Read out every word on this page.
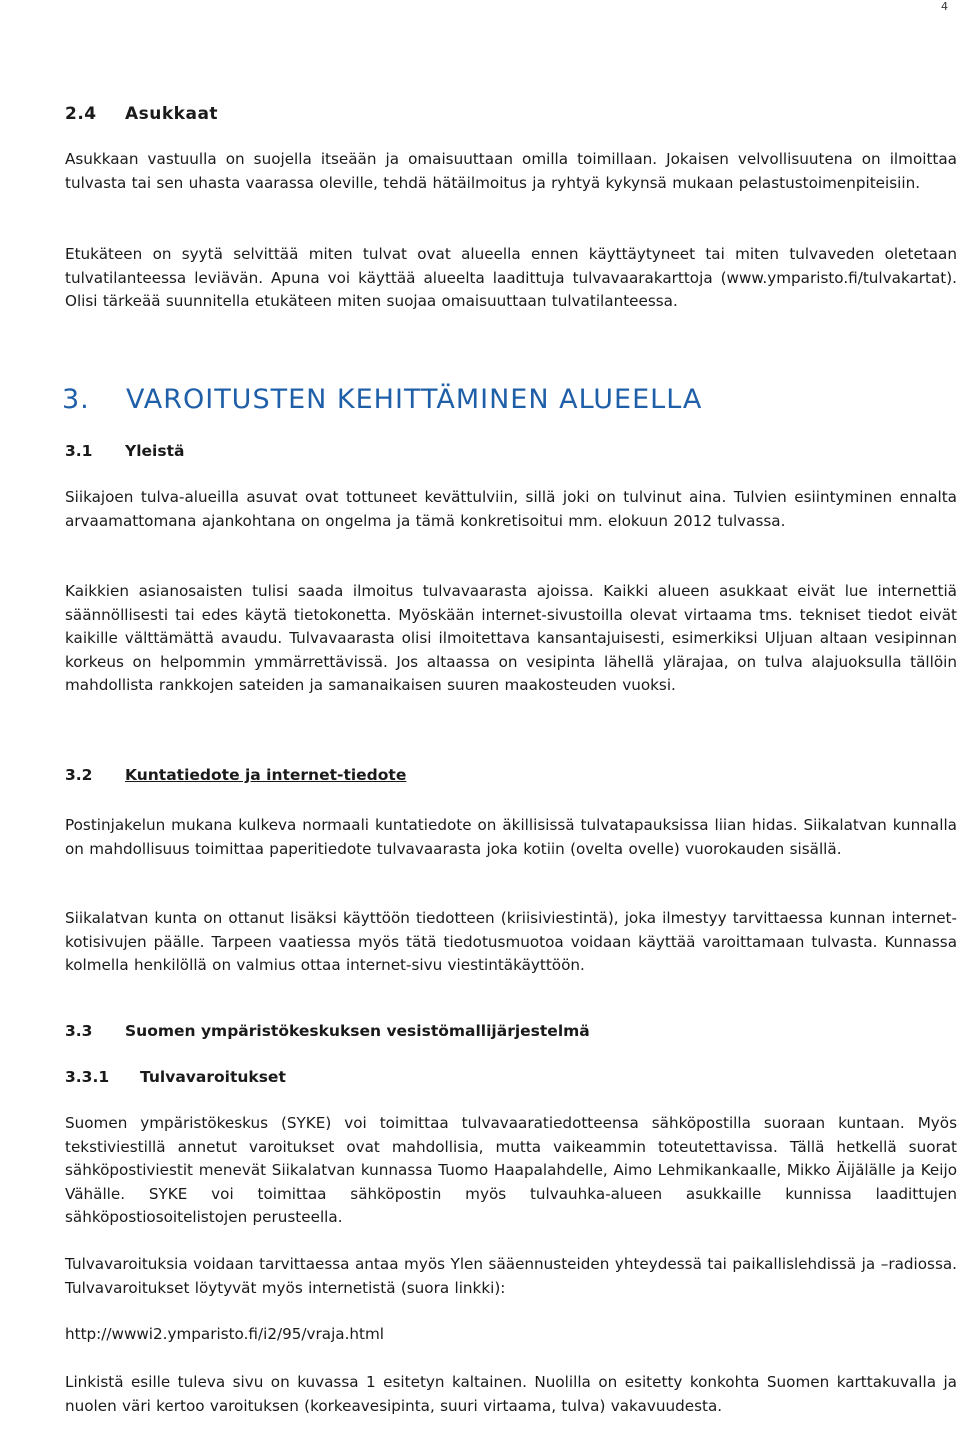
4
2.4 Asukkaat
Asukkaan vastuulla on suojella itseään ja omaisuuttaan omilla toimillaan. Jokaisen velvollisuutena on ilmoittaa tulvasta tai sen uhasta vaarassa oleville, tehdä hätäilmoitus ja ryhtyä kykynsä mukaan pelastustoimenpiteisiin.
Etukäteen on syytä selvittää miten tulvat ovat alueella ennen käyttäytyneet tai miten tulvaveden oletetaan tulvatilanteessa leviävän. Apuna voi käyttää alueelta laadittuja tulvavaarakarttoja (www.ymparisto.fi/tulvakartat). Olisi tärkeää suunnitella etukäteen miten suojaa omaisuuttaan tulvatilanteessa.
3. VAROITUSTEN KEHITTÄMINEN ALUEELLA
3.1 Yleistä
Siikajoen tulva-alueilla asuvat ovat tottuneet kevättulviin, sillä joki on tulvinut aina. Tulvien esiintyminen ennalta arvaamattomana ajankohtana on ongelma ja tämä konkretisoitui mm. elokuun 2012 tulvassa.
Kaikkien asianosaisten tulisi saada ilmoitus tulvavaarasta ajoissa. Kaikki alueen asukkaat eivät lue internettiä säännöllisesti tai edes käytä tietokonetta. Myöskään internet-sivustoilla olevat virtaama tms. tekniset tiedot eivät kaikille välttämättä avaudu. Tulvavaarasta olisi ilmoitettava kansantajuisesti, esimerkiksi Uljuan altaan vesipinnan korkeus on helpommin ymmärrettävissä. Jos altaassa on vesipinta lähellä ylärajaa, on tulva alajuoksulla tällöin mahdollista rankkojen sateiden ja samanaikaisen suuren maakosteuden vuoksi.
3.2 Kuntatiedote ja internet-tiedote
Postinjakelun mukana kulkeva normaali kuntatiedote on äkillisissä tulvatapauksissa liian hidas. Siikalatvan kunnalla on mahdollisuus toimittaa paperitiedote tulvavaarasta joka kotiin (ovelta ovelle) vuorokauden sisällä.
Siikalatvan kunta on ottanut lisäksi käyttöön tiedotteen (kriisiviestintä), joka ilmestyy tarvittaessa kunnan internet-kotisivujen päälle. Tarpeen vaatiessa myös tätä tiedotusmuotoa voidaan käyttää varoittamaan tulvasta. Kunnassa kolmella henkilöllä on valmius ottaa internet-sivu viestintäkäyttöön.
3.3 Suomen ympäristökeskuksen vesistömallijärjestelmä
3.3.1 Tulvavaroitukset
Suomen ympäristökeskus (SYKE) voi toimittaa tulvavaaratiedotteensa sähköpostilla suoraan kuntaan. Myös tekstiviestillä annetut varoitukset ovat mahdollisia, mutta vaikeammin toteutettavissa. Tällä hetkellä suorat sähköpostiviestit menevät Siikalatvan kunnassa Tuomo Haapalahdelle, Aimo Lehmikankaalle, Mikko Äijälälle ja Keijo Vähälle. SYKE voi toimittaa sähköpostin myös tulvauhka-alueen asukkaille kunnissa laadittujen sähköpostiosoitelistojen perusteella.
Tulvavaroituksia voidaan tarvittaessa antaa myös Ylen sääennusteiden yhteydessä tai paikallislehdissä ja –radiossa. Tulvavaroitukset löytyvät myös internetistä (suora linkki):
http://wwwi2.ymparisto.fi/i2/95/vraja.html
Linkistä esille tuleva sivu on kuvassa 1 esitetyn kaltainen. Nuolilla on esitetty konkohta Suomen karttakuvalla ja nuolen väri kertoo varoituksen (korkeavesipinta, suuri virtaama, tulva) vakavuudesta.
